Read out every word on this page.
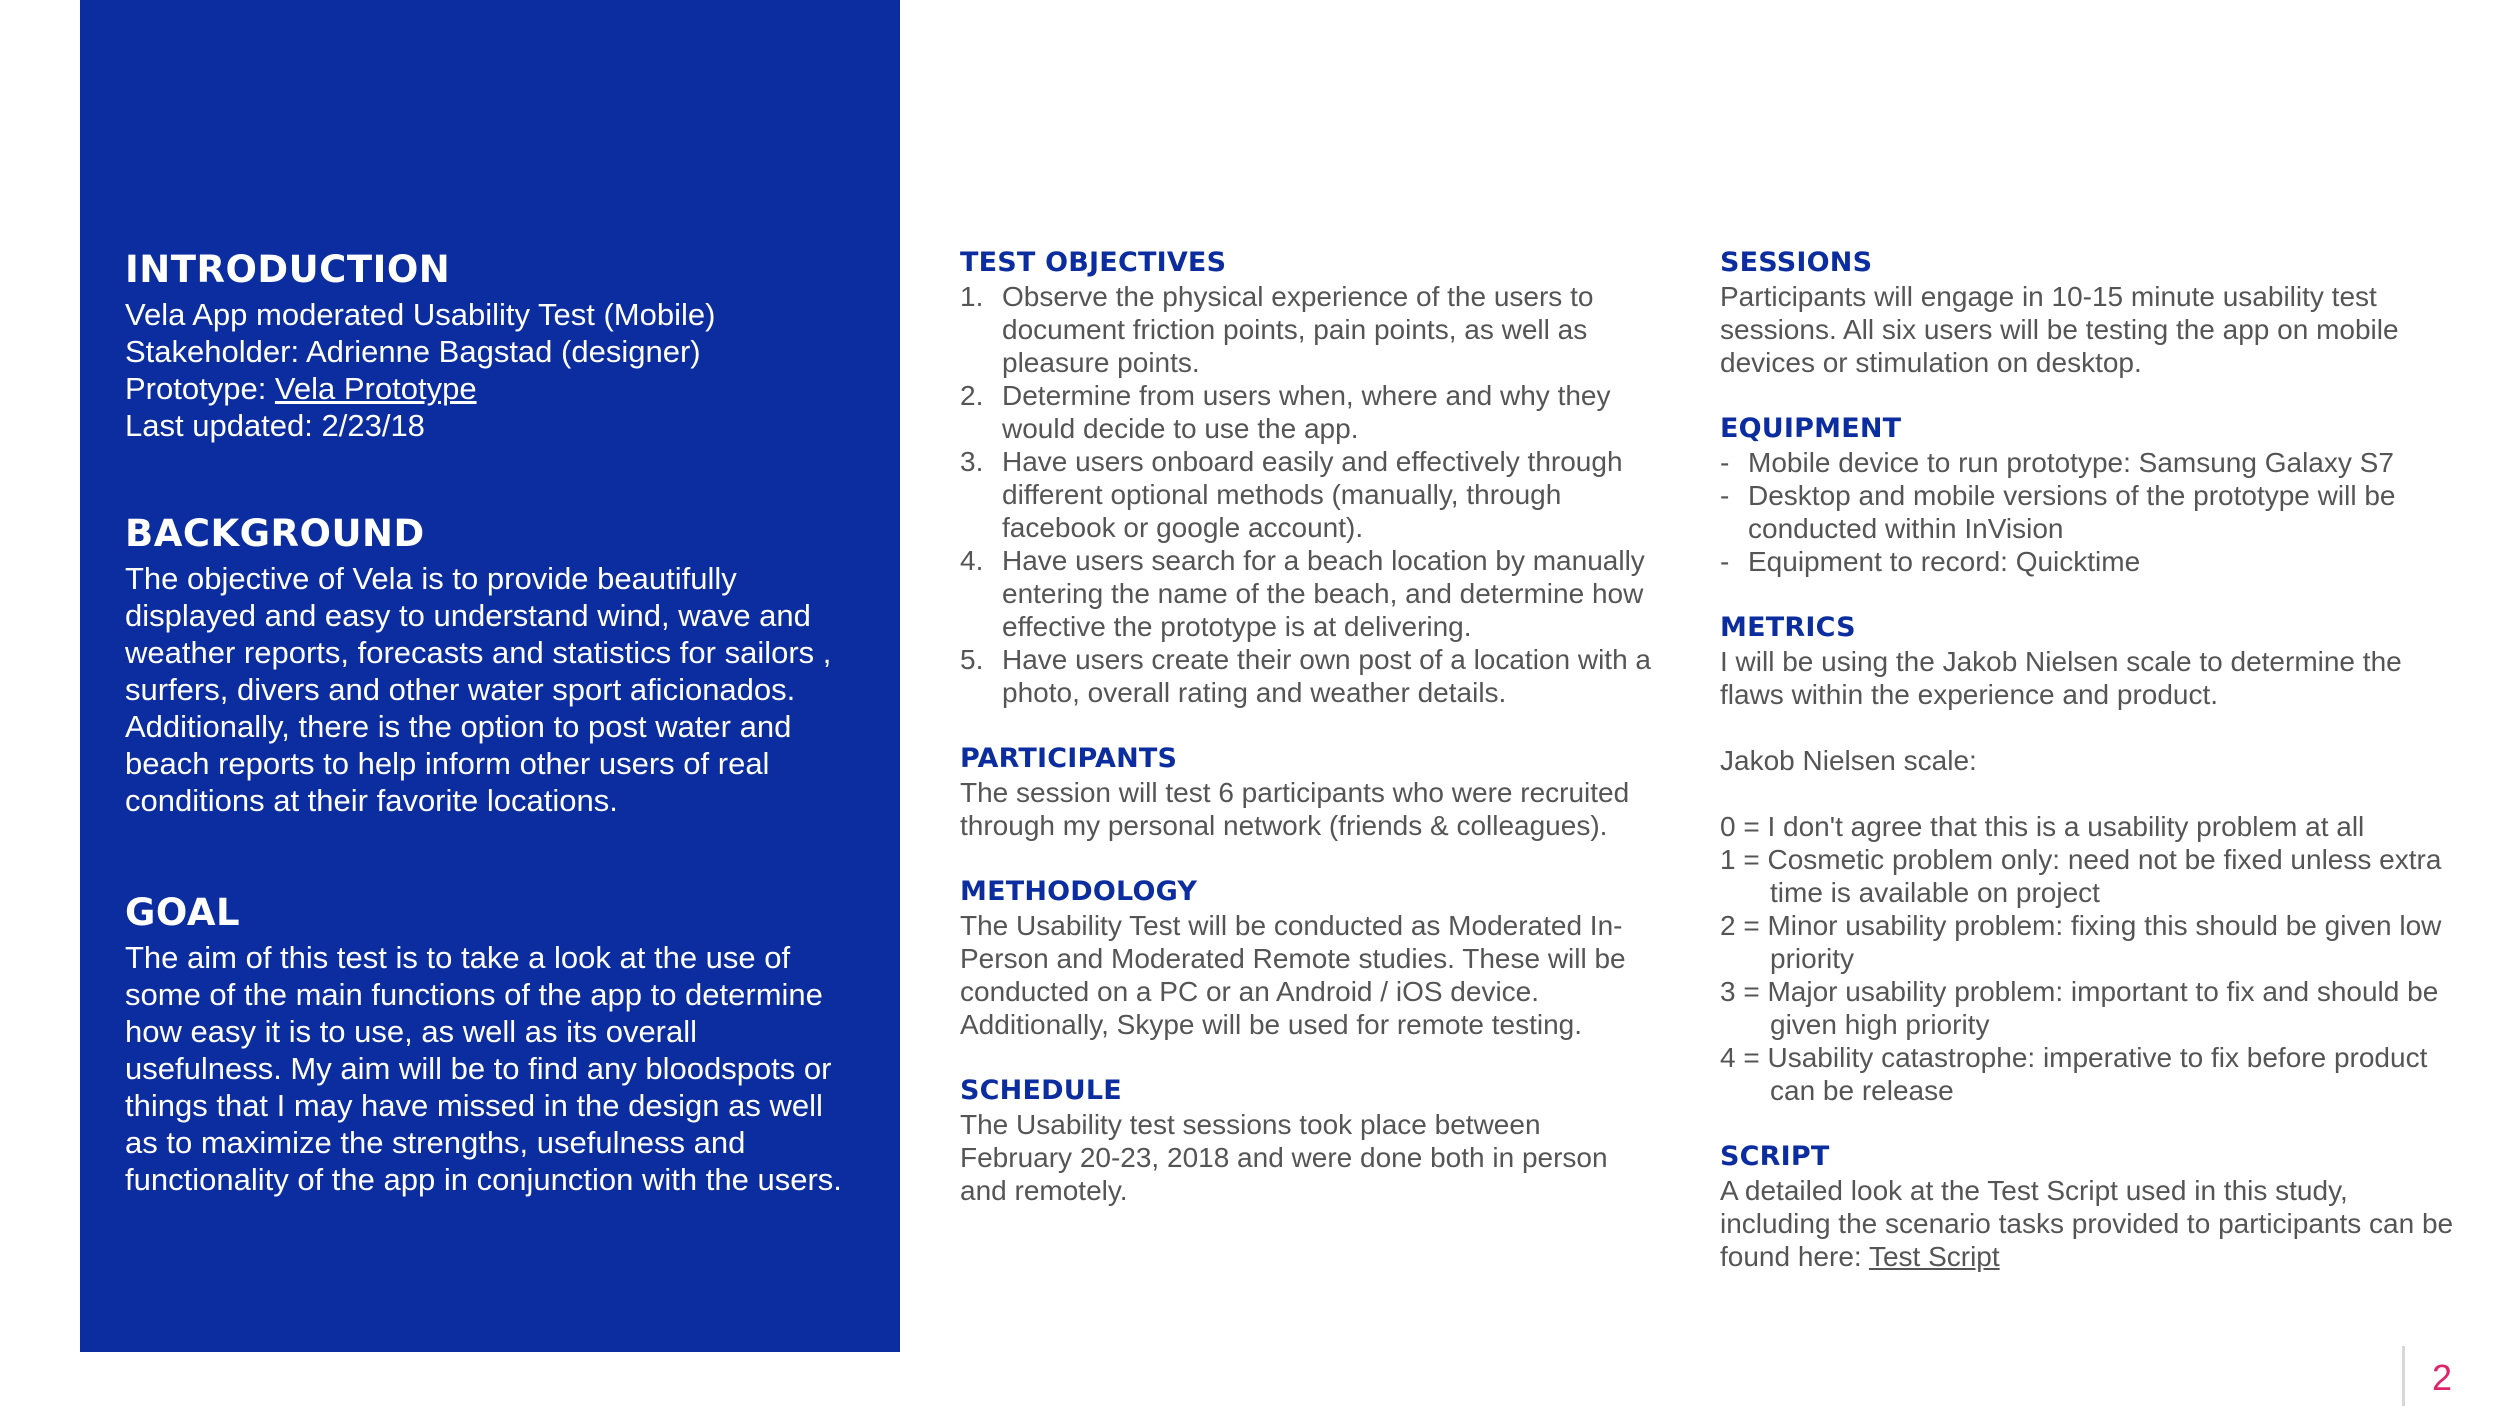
INTRODUCTION
Vela App moderated Usability Test (Mobile)
Stakeholder: Adrienne Bagstad (designer)
Prototype: Vela Prototype
Last updated: 2/23/18
BACKGROUND
The objective of Vela is to provide beautifully displayed and easy to understand wind, wave and weather reports, forecasts and statistics for sailors , surfers, divers and other water sport aficionados. Additionally, there is the option to post water and beach reports to help inform other users of real conditions at their favorite locations.
GOAL
The aim of this test is to take a look at the use of some of the main functions of the app to determine how easy it is to use, as well as its overall usefulness. My aim will be to find any bloodspots or things that I may have missed in the design as well as to maximize the strengths, usefulness and functionality of the app in conjunction with the users.
TEST OBJECTIVES
1. Observe the physical experience of the users to document friction points, pain points, as well as pleasure points.
2. Determine from users when, where and why they would decide to use the app.
3. Have users onboard easily and effectively through different optional methods (manually, through facebook or google account).
4. Have users search for a beach location by manually entering the name of the beach, and determine how effective the prototype is at delivering.
5. Have users create their own post of a location with a photo, overall rating and weather details.
PARTICIPANTS

The session will test 6 participants who were recruited through my personal network (friends & colleagues).

METHODOLOGY

The Usability Test will be conducted as Moderated In-Person and Moderated Remote studies. These will be conducted on a PC or an Android / iOS device. Additionally, Skype will be used for remote testing.

SCHEDULE

The Usability test sessions took place between February 20-23, 2018 and were done both in person and remotely.

SESSIONS

Participants will engage in 10-15 minute usability test sessions. All six users will be testing the app on mobile devices or stimulation on desktop.

EQUIPMENT
- Mobile device to run prototype: Samsung Galaxy S7
- Desktop and mobile versions of the prototype will be conducted within InVision
- Equipment to record: Quicktime
METRICS

I will be using the Jakob Nielsen scale to determine the flaws within the experience and product.

Jakob Nielsen scale:

0 = I don't agree that this is a usability problem at all
1 = Cosmetic problem only: need not be fixed unless extra time is available on project
2 = Minor usability problem: fixing this should be given low priority
3 = Major usability problem: important to fix and should be given high priority
4 = Usability catastrophe: imperative to fix before product can be release
SCRIPT

A detailed look at the Test Script used in this study, including the scenario tasks provided to participants can be found here: Test Script

2
